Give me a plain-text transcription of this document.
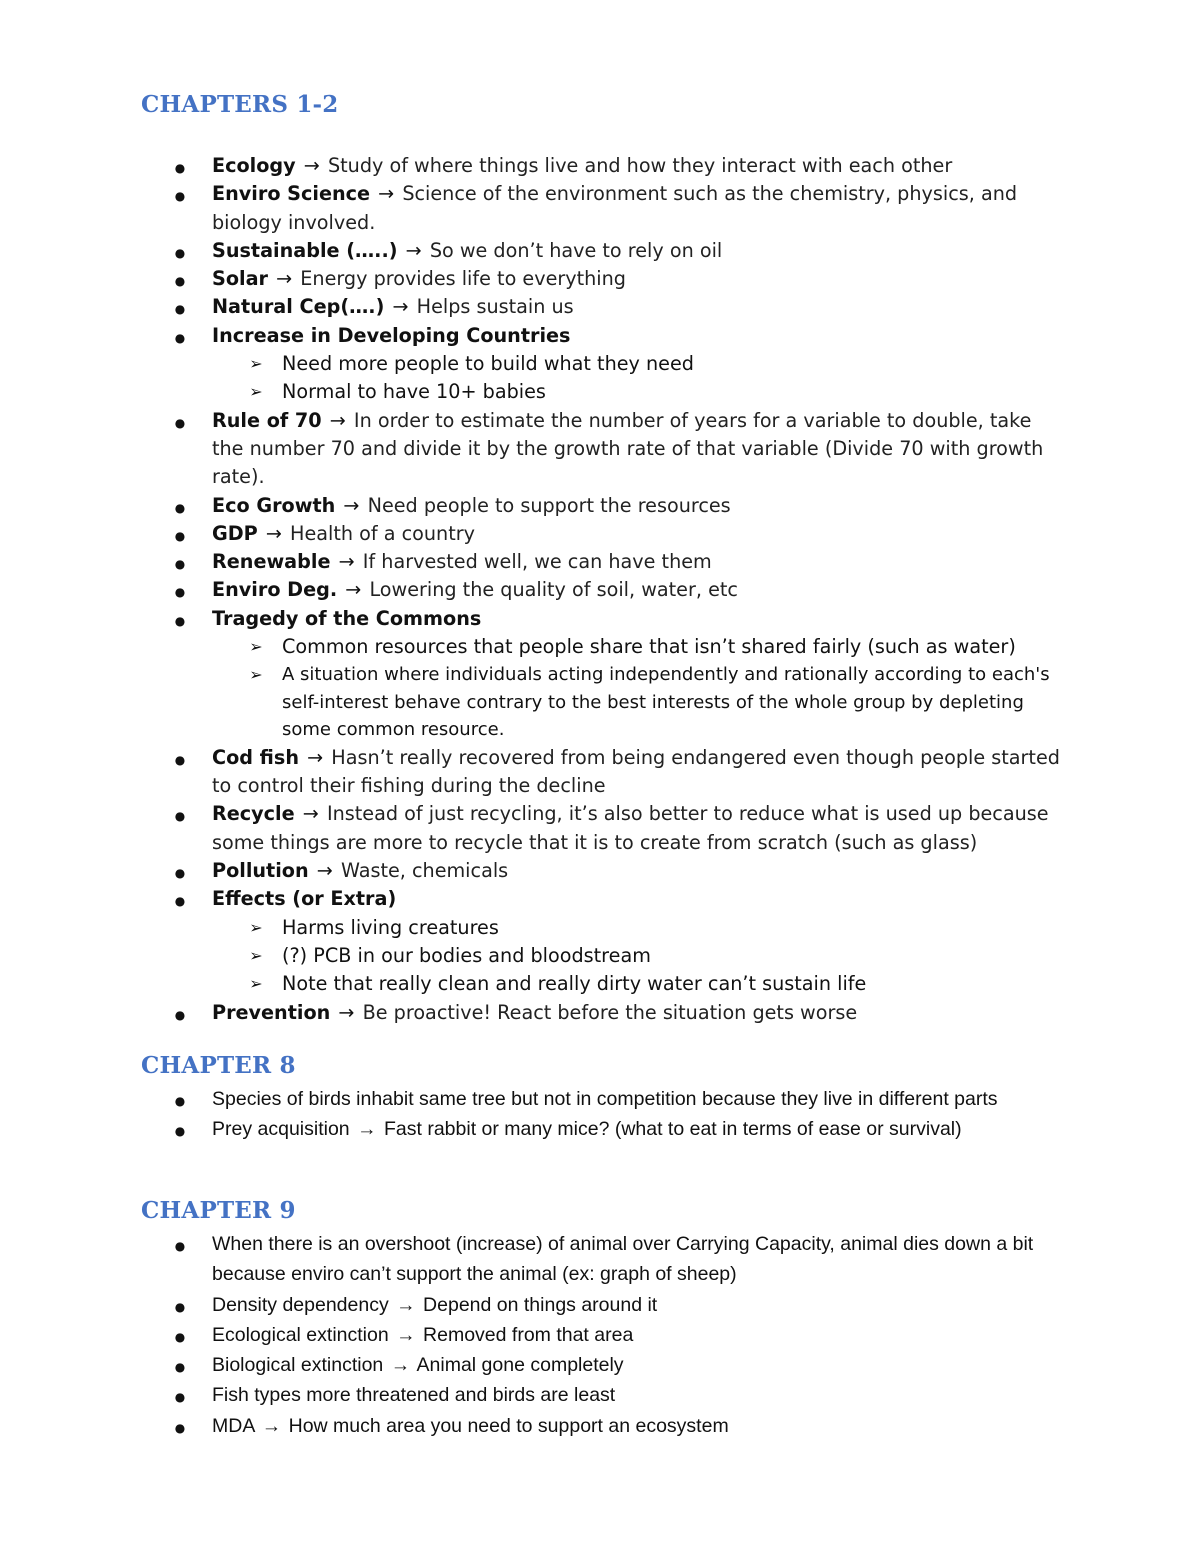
CHAPTERS 1-2
●
Ecology → Study of where things live and how they interact with each other
●
Enviro Science → Science of the environment such as the chemistry, physics, and biology involved.
●
Sustainable (…..) → So we don’t have to rely on oil
●
Solar → Energy provides life to everything
●
Natural Cep(….) → Helps sustain us
●
Increase in Developing Countries
➢ Need more people to build what they need
➢ Normal to have 10+ babies
●
Rule of 70 → In order to estimate the number of years for a variable to double, take the number 70 and divide it by the growth rate of that variable (Divide 70 with growth rate).
●
Eco Growth → Need people to support the resources
●
GDP → Health of a country
●
Renewable → If harvested well, we can have them
●
Enviro Deg. → Lowering the quality of soil, water, etc
●
Tragedy of the Commons
➢ Common resources that people share that isn’t shared fairly (such as water)
➢ A situation where individuals acting independently and rationally according to each's self-interest behave contrary to the best interests of the whole group by depleting some common resource.
●
Cod fish → Hasn’t really recovered from being endangered even though people started to control their fishing during the decline
●
Recycle → Instead of just recycling, it’s also better to reduce what is used up because some things are more to recycle that it is to create from scratch (such as glass)
●
Pollution → Waste, chemicals
●
Effects (or Extra)
➢ Harms living creatures
➢ (?) PCB in our bodies and bloodstream
➢ Note that really clean and really dirty water can’t sustain life
●
Prevention → Be proactive! React before the situation gets worse
CHAPTER 8
●
Species of birds inhabit same tree but not in competition because they live in different parts
●
Prey acquisition → Fast rabbit or many mice? (what to eat in terms of ease or survival)
CHAPTER 9
●
When there is an overshoot (increase) of animal over Carrying Capacity, animal dies down a bit because enviro can’t support the animal (ex: graph of sheep)
●
Density dependency → Depend on things around it
●
Ecological extinction → Removed from that area
●
Biological extinction → Animal gone completely
●
Fish types more threatened and birds are least
●
MDA → How much area you need to support an ecosystem
